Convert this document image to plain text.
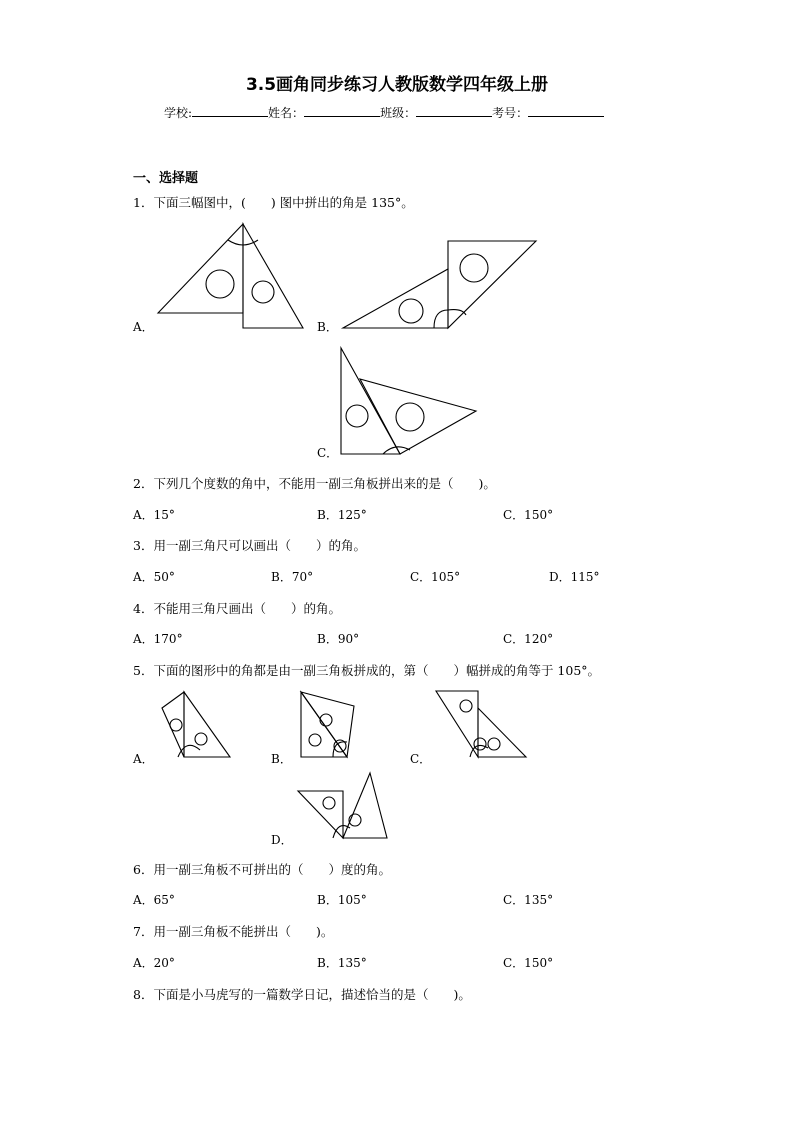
3.5画角同步练习人教版数学四年级上册
学校:	姓名：	班级：	考号：
一、选择题
1．下面三幅图中，(　　) 图中拼出的角是 135°。
A．	B．
C．
2．下列几个度数的角中，不能用一副三角板拼出来的是（　　)。
A．15°	B．125°	C．150°
3．用一副三角尺可以画出（　　）的角。
A．50°	B．70°	C．105°	D．115°
4．不能用三角尺画出（　　）的角。
A．170°	B．90°	C．120°
5．下面的图形中的角都是由一副三角板拼成的，第（　　）幅拼成的角等于 105°。
A．	B．	C．
D．
6．用一副三角板不可拼出的（　　）度的角。
A．65°	B．105°	C．135°
7．用一副三角板不能拼出（　　)。
A．20°	B．135°	C．150°
8．下面是小马虎写的一篇数学日记，描述恰当的是（　　)。
